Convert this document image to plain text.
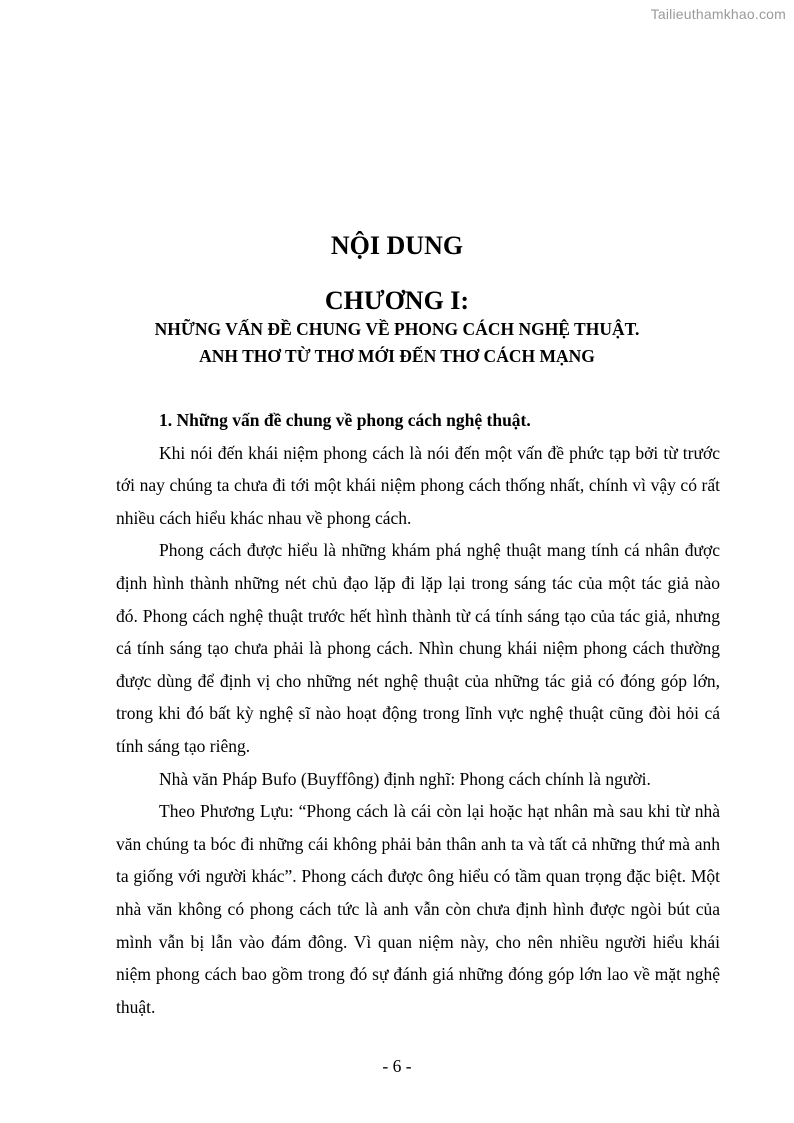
Tailieuthamkhao.com
NỘI DUNG
CHƯƠNG I:
NHỮNG VẤN ĐỀ CHUNG VỀ PHONG CÁCH NGHỆ THUẬT.
ANH THƠ TỪ THƠ MỚI ĐẾN THƠ CÁCH MẠNG

1. Những vấn đề chung về phong cách nghệ thuật.

Khi nói đến khái niệm phong cách là nói đến một vấn đề phức tạp bởi từ trước tới nay chúng ta chưa đi tới một khái niệm phong cách thống nhất, chính vì vậy có rất nhiều cách hiểu khác nhau về phong cách.

Phong cách được hiểu là những khám phá nghệ thuật mang tính cá nhân được định hình thành những nét chủ đạo lặp đi lặp lại trong sáng tác của một tác giả nào đó. Phong cách nghệ thuật trước hết hình thành từ cá tính sáng tạo của tác giả, nhưng cá tính sáng tạo chưa phải là phong cách. Nhìn chung khái niệm phong cách thường được dùng để định vị cho những nét nghệ thuật của những tác giả có đóng góp lớn, trong khi đó bất kỳ nghệ sĩ nào hoạt động trong lĩnh vực nghệ thuật cũng đòi hỏi cá tính sáng tạo riêng.

Nhà văn Pháp Bufo (Buyffông) định nghĩ: Phong cách chính là người.

Theo Phương Lựu: “Phong cách là cái còn lại hoặc hạt nhân mà sau khi từ nhà văn chúng ta bóc đi những cái không phải bản thân anh ta và tất cả những thứ mà anh ta giống với người khác”. Phong cách được ông hiểu có tầm quan trọng đặc biệt. Một nhà văn không có phong cách tức là anh vẫn còn chưa định hình được ngòi bút của mình vẫn bị lẫn vào đám đông. Vì quan niệm này, cho nên nhiều người hiểu khái niệm phong cách bao gồm trong đó sự đánh giá những đóng góp lớn lao về mặt nghệ thuật.

- 6 -
